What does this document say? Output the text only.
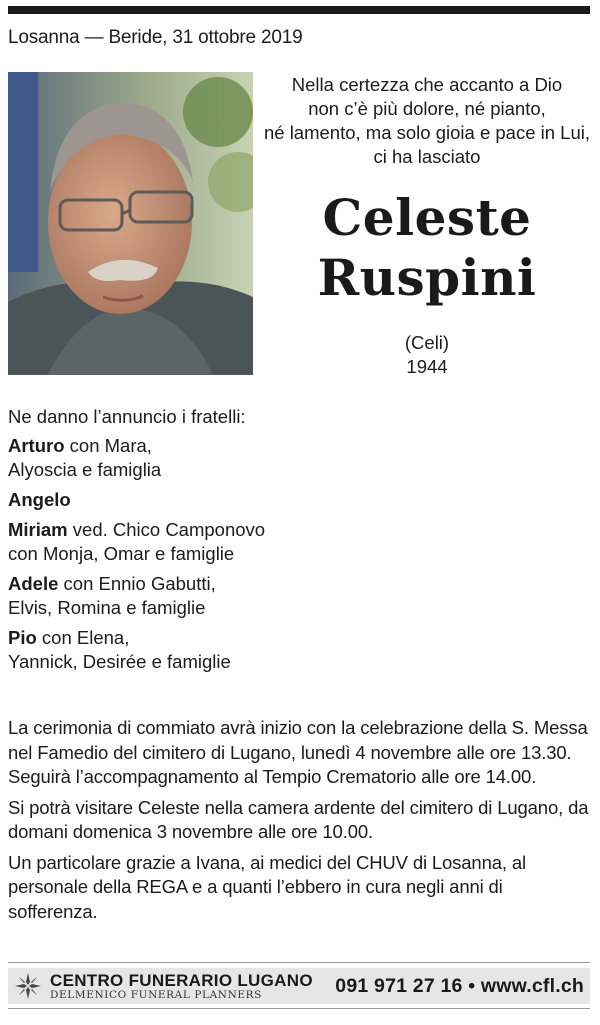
Losanna — Beride, 31 ottobre 2019
Nella certezza che accanto a Dio
non c’è più dolore, né pianto,
né lamento, ma solo gioia e pace in Lui,
ci ha lasciato
Celeste
Ruspini
(Celi)
1944
Ne danno l’annuncio i fratelli:
Arturo con Mara,
Alyoscia e famiglia
Angelo
Miriam ved. Chico Camponovo
con Monja, Omar e famiglie
Adele con Ennio Gabutti,
Elvis, Romina e famiglie
Pio con Elena,
Yannick, Desirée e famiglie

La cerimonia di commiato avrà inizio con la celebrazione della S. Messa nel Famedio del cimitero di Lugano, lunedì 4 novembre alle ore 13.30. Seguirà l’accompagnamento al Tempio Crematorio alle ore 14.00.

Si potrà visitare Celeste nella camera ardente del cimitero di Lugano, da domani domenica 3 novembre alle ore 10.00.

Un particolare grazie a Ivana, ai medici del CHUV di Losanna, al personale della REGA e a quanti l’ebbero in cura negli anni di sofferenza.

CENTRO FUNERARIO LUGANO
DELMENICO FUNERAL PLANNERS	091 971 27 16 • www.cfl.ch
